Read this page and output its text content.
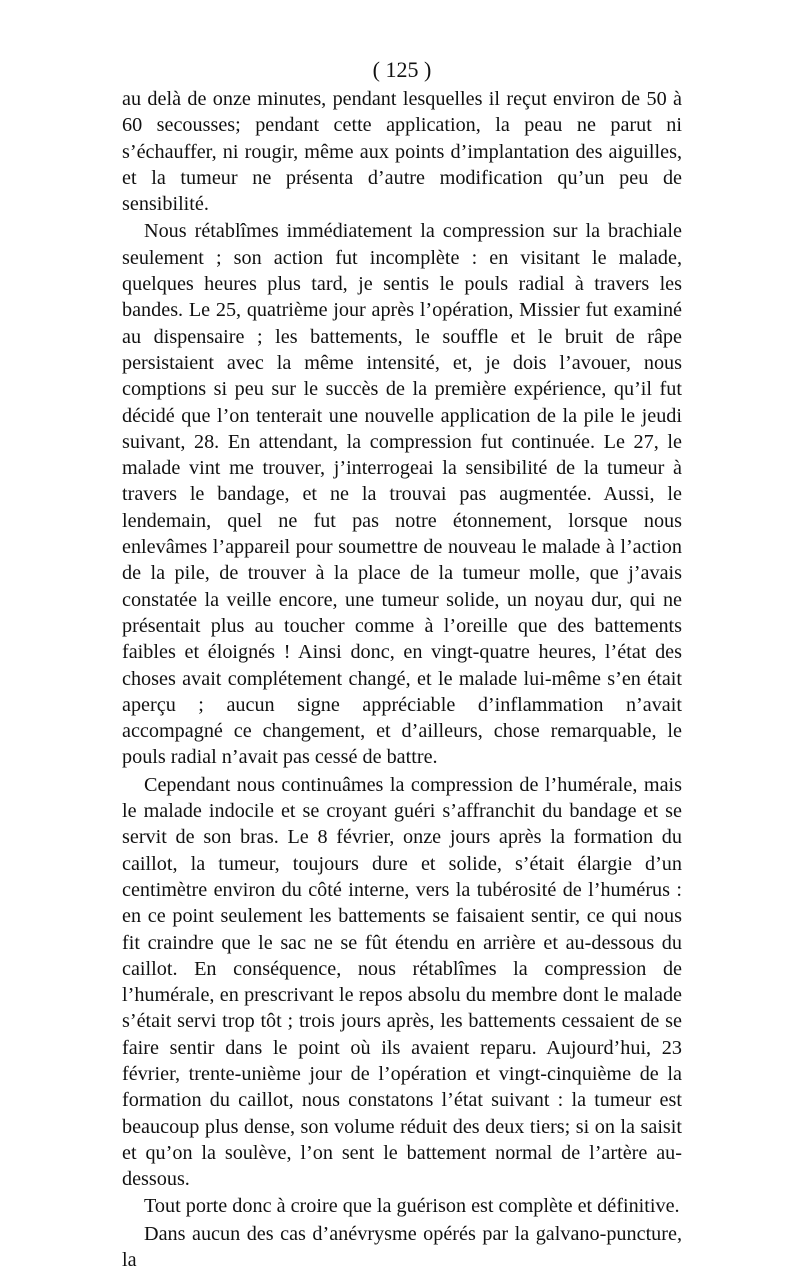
( 125 )

au delà de onze minutes, pendant lesquelles il reçut environ de 50 à 60 secousses; pendant cette application, la peau ne parut ni s’échauffer, ni rougir, même aux points d’implantation des aiguilles, et la tumeur ne présenta d’autre modification qu’un peu de sensibilité.

Nous rétablîmes immédiatement la compression sur la brachiale seulement ; son action fut incomplète : en visitant le malade, quelques heures plus tard, je sentis le pouls radial à travers les bandes. Le 25, quatrième jour après l’opération, Missier fut examiné au dispensaire ; les battements, le souffle et le bruit de râpe persistaient avec la même intensité, et, je dois l’avouer, nous comptions si peu sur le succès de la première expérience, qu’il fut décidé que l’on tenterait une nouvelle application de la pile le jeudi suivant, 28. En attendant, la compression fut continuée. Le 27, le malade vint me trouver, j’interrogeai la sensibilité de la tumeur à travers le bandage, et ne la trouvai pas augmentée. Aussi, le lendemain, quel ne fut pas notre étonnement, lorsque nous enlevâmes l’appareil pour soumettre de nouveau le malade à l’action de la pile, de trouver à la place de la tumeur molle, que j’avais constatée la veille encore, une tumeur solide, un noyau dur, qui ne présentait plus au toucher comme à l’oreille que des battements faibles et éloignés ! Ainsi donc, en vingt-quatre heures, l’état des choses avait complétement changé, et le malade lui-même s’en était aperçu ; aucun signe appréciable d’inflammation n’avait accompagné ce changement, et d’ailleurs, chose remarquable, le pouls radial n’avait pas cessé de battre.

Cependant nous continuâmes la compression de l’humérale, mais le malade indocile et se croyant guéri s’affranchit du bandage et se servit de son bras. Le 8 février, onze jours après la formation du caillot, la tumeur, toujours dure et solide, s’était élargie d’un centimètre environ du côté interne, vers la tubérosité de l’humérus : en ce point seulement les battements se faisaient sentir, ce qui nous fit craindre que le sac ne se fût étendu en arrière et au-dessous du caillot. En conséquence, nous rétablîmes la compression de l’humérale, en prescrivant le repos absolu du membre dont le malade s’était servi trop tôt ; trois jours après, les battements cessaient de se faire sentir dans le point où ils avaient reparu. Aujourd’hui, 23 février, trente-unième jour de l’opération et vingt-cinquième de la formation du caillot, nous constatons l’état suivant : la tumeur est beaucoup plus dense, son volume réduit des deux tiers; si on la saisit et qu’on la soulève, l’on sent le battement normal de l’artère au-dessous.

Tout porte donc à croire que la guérison est complète et définitive.

Dans aucun des cas d’anévrysme opérés par la galvano-puncture, la
